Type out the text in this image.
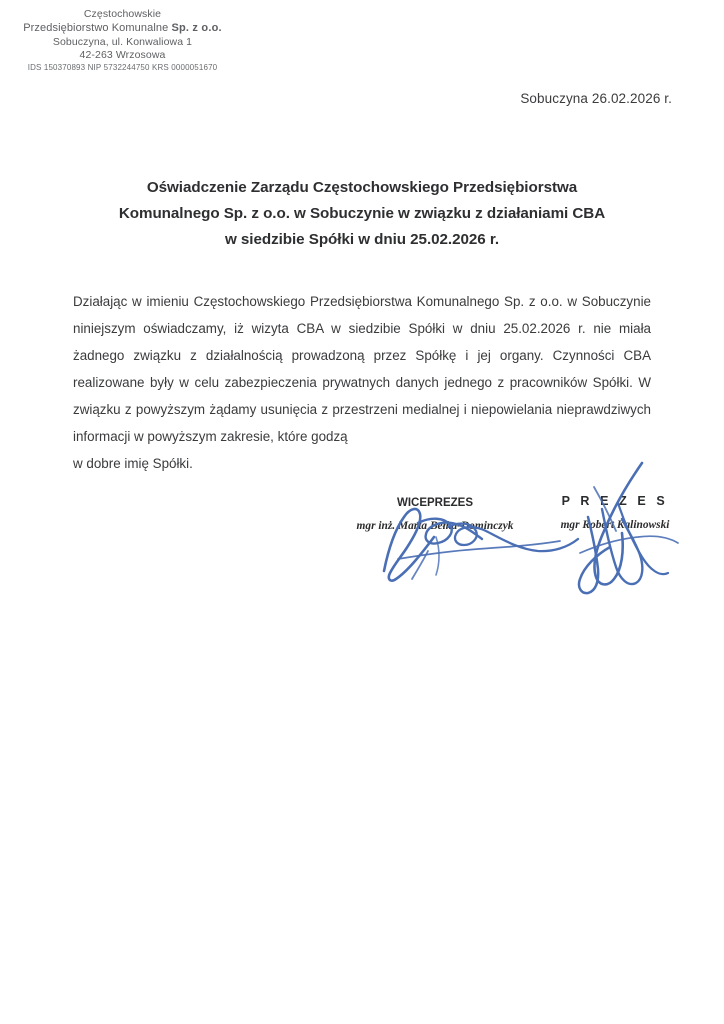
Częstochowskie
Przedsiębiorstwo Komunalne Sp. z o.o.
Sobuczyna, ul. Konwaliowa 1
42-263 Wrzosowa
IDS 150370893 NIP 5732244750 KRS 0000051670
Sobuczyna 26.02.2026 r.
Oświadczenie Zarządu Częstochowskiego Przedsiębiorstwa
Komunalnego Sp. z o.o. w Sobuczynie w związku z działaniami CBA
w siedzibie Spółki w dniu 25.02.2026 r.

Działając w imieniu Częstochowskiego Przedsiębiorstwa Komunalnego Sp. z o.o. w Sobuczynie niniejszym oświadczamy, iż wizyta CBA w siedzibie Spółki w dniu 25.02.2026 r. nie miała żadnego związku z działalnością prowadzoną przez Spółkę i jej organy. Czynności CBA realizowane były w celu zabezpieczenia prywatnych danych jednego z pracowników Spółki. W związku z powyższym żądamy usunięcia z przestrzeni medialnej i niepowielania nieprawdziwych informacji w powyższym zakresie, które godzą

w dobre imię Spółki.

WICEPREZES
mgr inż. Marta Bełka-Dominczyk
P R E Z E S
mgr Robert Kalinowski
